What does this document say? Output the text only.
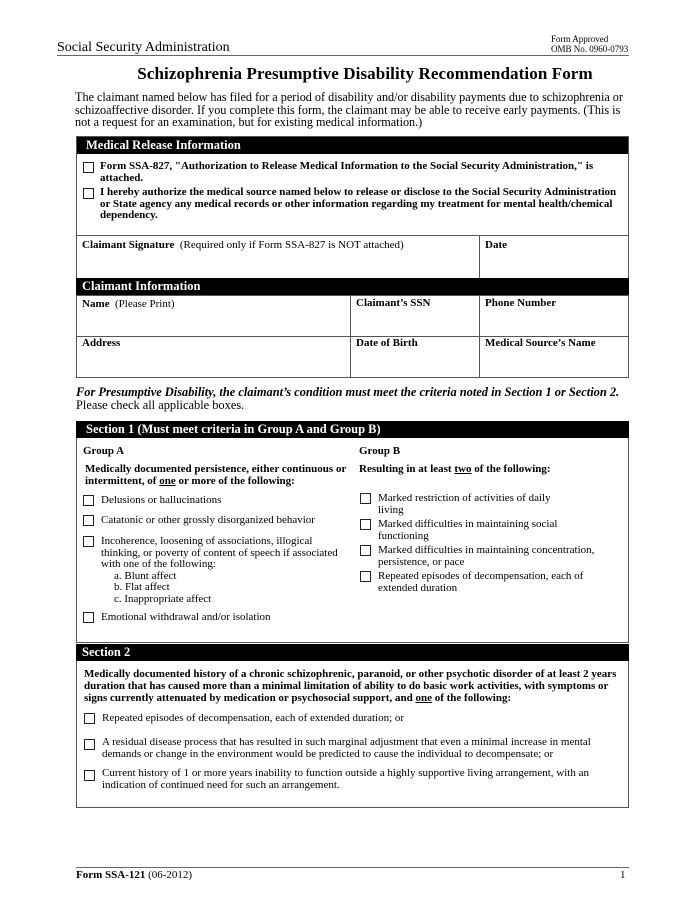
Social Security Administration
Form Approved
OMB No. 0960-0793
Schizophrenia Presumptive Disability Recommendation Form
The claimant named below has filed for a period of disability and/or disability payments due to schizophrenia or schizoaffective disorder. If you complete this form, the claimant may be able to receive early payments. (This is not a request for an examination, but for existing medical information.)
Medical Release Information
Form SSA-827, "Authorization to Release Medical Information to the Social Security Administration," is attached.
I hereby authorize the medical source named below to release or disclose to the Social Security Administration or State agency any medical records or other information regarding my treatment for mental health/chemical dependency.
Claimant Signature (Required only if Form SSA-827 is NOT attached)	Date
Claimant Information
Name (Please Print)	Claimant’s SSN	Phone Number
Address	Date of Birth	Medical Source’s Name
For Presumptive Disability, the claimant’s condition must meet the criteria noted in Section 1 or Section 2.  Please check all applicable boxes.
Section 1 (Must meet criteria in Group A and Group B)
Group A
Medically documented persistence, either continuous or intermittent, of one or more of the following:
Delusions or hallucinations
Catatonic or other grossly disorganized behavior
Incoherence, loosening of associations, illogical thinking, or poverty of content of speech if associated with one of the following:
a. Blunt affect
b. Flat affect
c. Inappropriate affect
Emotional withdrawal and/or isolation
Group B
Resulting in at least two of the following:
Marked restriction of activities of daily living
Marked difficulties in maintaining social functioning
Marked difficulties in maintaining concentration, persistence, or pace
Repeated episodes of decompensation, each of extended duration
Section 2
Medically documented history of a chronic schizophrenic, paranoid, or other psychotic disorder of at least 2 years duration that has caused more than a minimal limitation of ability to do basic work activities, with symptoms or signs currently attenuated by medication or psychosocial support, and one of the following:
Repeated episodes of decompensation, each of extended duration; or
A residual disease process that has resulted in such marginal adjustment that even a minimal increase in mental demands or change in the environment would be predicted to cause the individual to decompensate; or
Current history of 1 or more years inability to function outside a highly supportive living arrangement, with an indication of continued need for such an arrangement.
Form SSA-121 (06-2012)	1
